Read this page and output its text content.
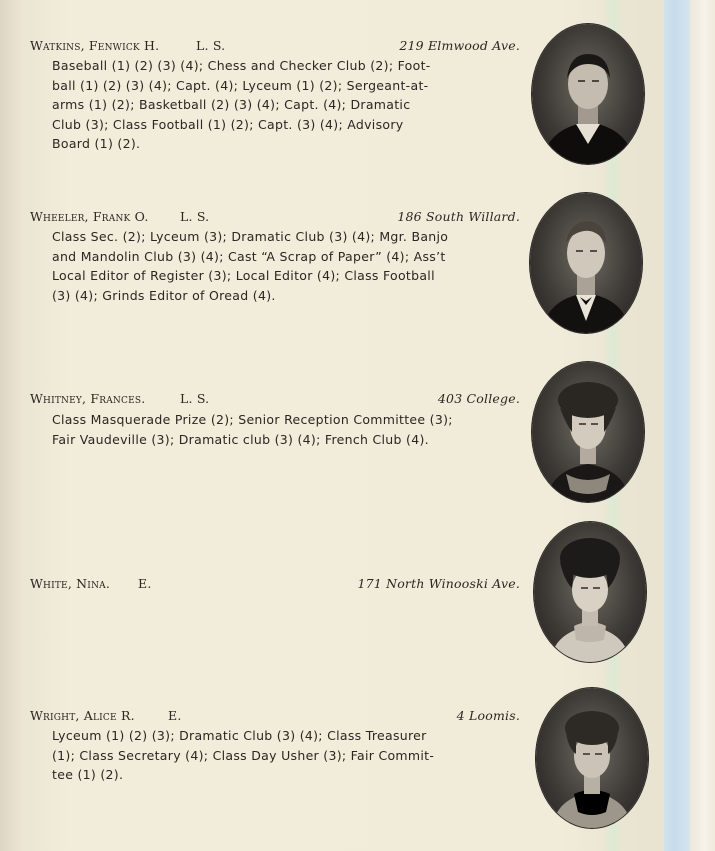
Watkins, Fenwick H.	L. S.	219 Elmwood Ave.
Baseball (1) (2) (3) (4); Chess and Checker Club (2); Foot-
ball (1) (2) (3) (4); Capt. (4); Lyceum (1) (2); Sergeant-at-
arms (1) (2); Basketball (2) (3) (4); Capt. (4); Dramatic
Club (3); Class Football (1) (2); Capt. (3) (4); Advisory
Board (1) (2).
Wheeler, Frank O.	L. S.	186 South Willard.
Class Sec. (2); Lyceum (3); Dramatic Club (3) (4); Mgr. Banjo
and Mandolin Club (3) (4); Cast “A Scrap of Paper” (4); Ass’t
Local Editor of Register (3); Local Editor (4); Class Football
(3) (4); Grinds Editor of Oread (4).
Whitney, Frances.	L. S.	403 College.
Class Masquerade Prize (2); Senior Reception Committee (3);
Fair Vaudeville (3); Dramatic club (3) (4); French Club (4).
White, Nina. E.	171 North Winooski Ave.
Wright, Alice R.	E.	4 Loomis.
Lyceum (1) (2) (3); Dramatic Club (3) (4); Class Treasurer
(1); Class Secretary (4); Class Day Usher (3); Fair Commit-
tee (1) (2).
